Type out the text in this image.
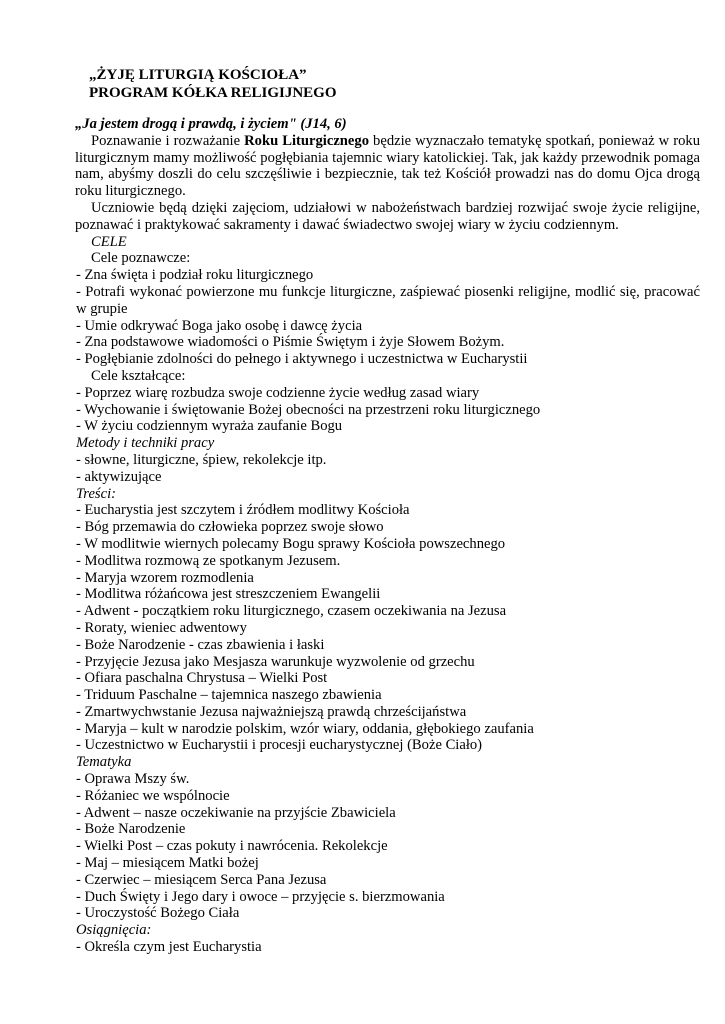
„ŻYJĘ LITURGIĄ KOŚCIOŁA”
PROGRAM KÓŁKA RELIGIJNEGO
„Ja jestem drogą i prawdą, i życiem" (J14, 6)

Poznawanie i rozważanie Roku Liturgicznego będzie wyznaczało tematykę spotkań, ponieważ w roku liturgicznym mamy możliwość pogłębiania tajemnic wiary katolickiej. Tak, jak każdy przewodnik pomaga nam, abyśmy doszli do celu szczęśliwie i bezpiecznie, tak też Kościół prowadzi nas do domu Ojca drogą roku liturgicznego.

Uczniowie będą dzięki zajęciom, udziałowi w nabożeństwach bardziej rozwijać swoje życie religijne, poznawać i praktykować sakramenty i dawać świadectwo swojej wiary w życiu codziennym.

CELE
Cele poznawcze:

- Zna święta i podział roku liturgicznego

- Potrafi wykonać powierzone mu funkcje liturgiczne, zaśpiewać piosenki religijne, modlić się, pracować w grupie

- Umie odkrywać Boga jako osobę i dawcę życia

- Zna podstawowe wiadomości o Piśmie Świętym i żyje Słowem Bożym.

- Pogłębianie zdolności do pełnego i aktywnego i uczestnictwa w Eucharystii

Cele kształcące:

- Poprzez wiarę rozbudza swoje codzienne życie według zasad wiary

- Wychowanie i świętowanie Bożej obecności na przestrzeni roku liturgicznego

- W życiu codziennym wyraża zaufanie Bogu

Metody i techniki pracy

- słowne, liturgiczne, śpiew, rekolekcje itp.

- aktywizujące

Treści:

- Eucharystia jest szczytem i źródłem modlitwy Kościoła

- Bóg przemawia do człowieka poprzez swoje słowo

- W modlitwie wiernych polecamy Bogu sprawy Kościoła powszechnego

- Modlitwa rozmową ze spotkanym Jezusem.

- Maryja wzorem rozmodlenia

- Modlitwa różańcowa jest streszczeniem Ewangelii

- Adwent - początkiem roku liturgicznego, czasem oczekiwania na Jezusa

- Roraty, wieniec adwentowy

- Boże Narodzenie - czas zbawienia i łaski

- Przyjęcie Jezusa jako Mesjasza warunkuje wyzwolenie od grzechu

- Ofiara paschalna Chrystusa – Wielki Post

- Triduum Paschalne – tajemnica naszego zbawienia

- Zmartwychwstanie Jezusa najważniejszą prawdą chrześcijaństwa

- Maryja – kult w narodzie polskim, wzór wiary, oddania, głębokiego zaufania

- Uczestnictwo w Eucharystii i procesji eucharystycznej (Boże Ciało)

Tematyka

- Oprawa Mszy św.

- Różaniec we wspólnocie

- Adwent – nasze oczekiwanie na przyjście Zbawiciela

- Boże Narodzenie

- Wielki Post – czas pokuty i nawrócenia. Rekolekcje

- Maj – miesiącem Matki bożej

- Czerwiec – miesiącem Serca Pana Jezusa

- Duch Święty i Jego dary i owoce – przyjęcie s. bierzmowania

- Uroczystość Bożego Ciała

Osiągnięcia:

- Określa czym jest Eucharystia
